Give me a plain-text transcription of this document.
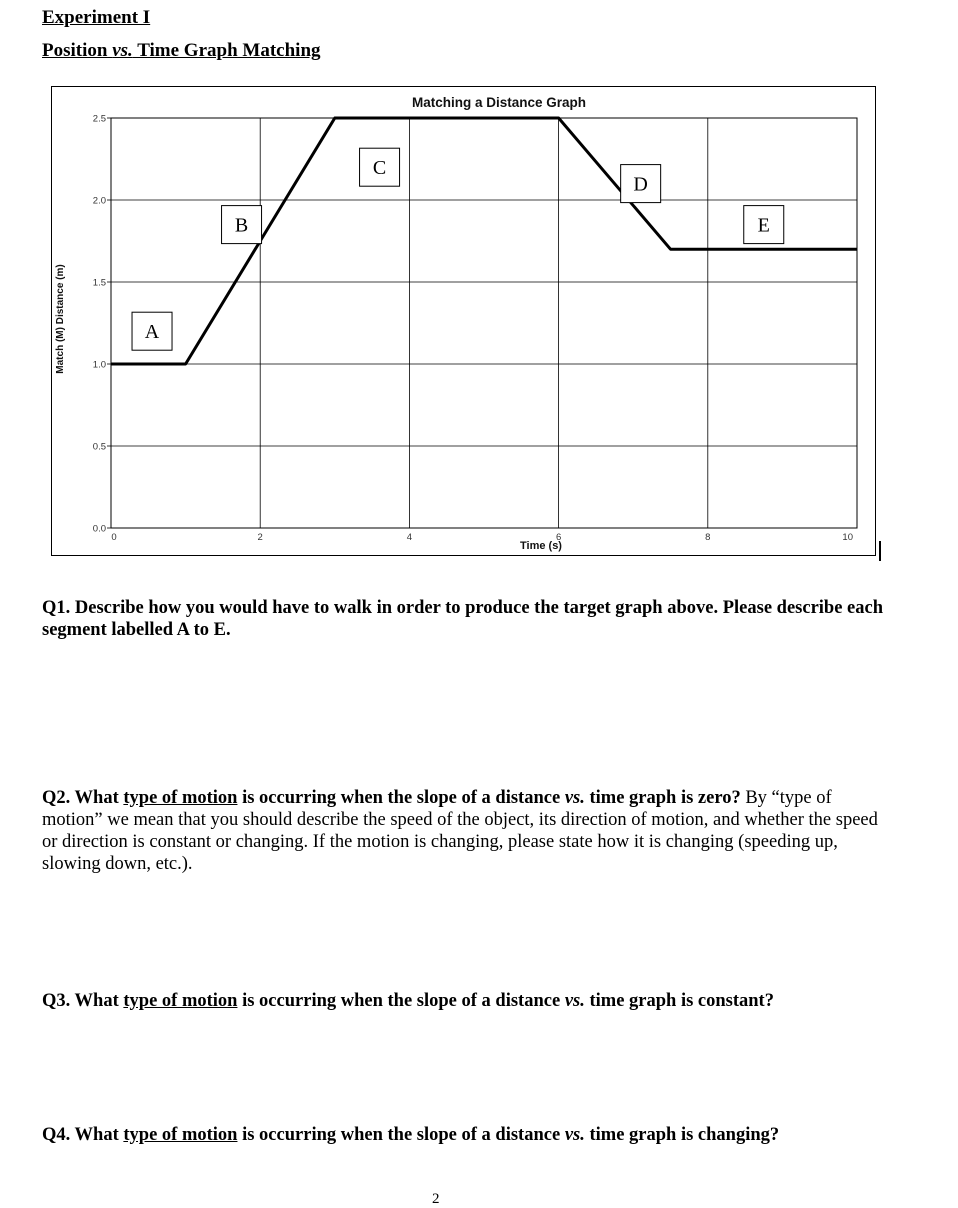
Experiment I
Position vs. Time Graph Matching
0.0
0.5
1.0
1.5
2.0
2.5
0	2	4	6	8	10
Matching a Distance Graph
Time (s)
Match (M) Distance (m)	A
B
C
D
E

Q1. Describe how you would have to walk in order to produce the target graph above. Please describe each segment labelled A to E.

Q2. What type of motion is occurring when the slope of a distance vs. time graph is zero? By “type of motion” we mean that you should describe the speed of the object, its direction of motion, and whether the speed or direction is constant or changing. If the motion is changing, please state how it is changing (speeding up, slowing down, etc.).

Q3. What type of motion is occurring when the slope of a distance vs. time graph is constant?

Q4. What type of motion is occurring when the slope of a distance vs. time graph is changing?

2
